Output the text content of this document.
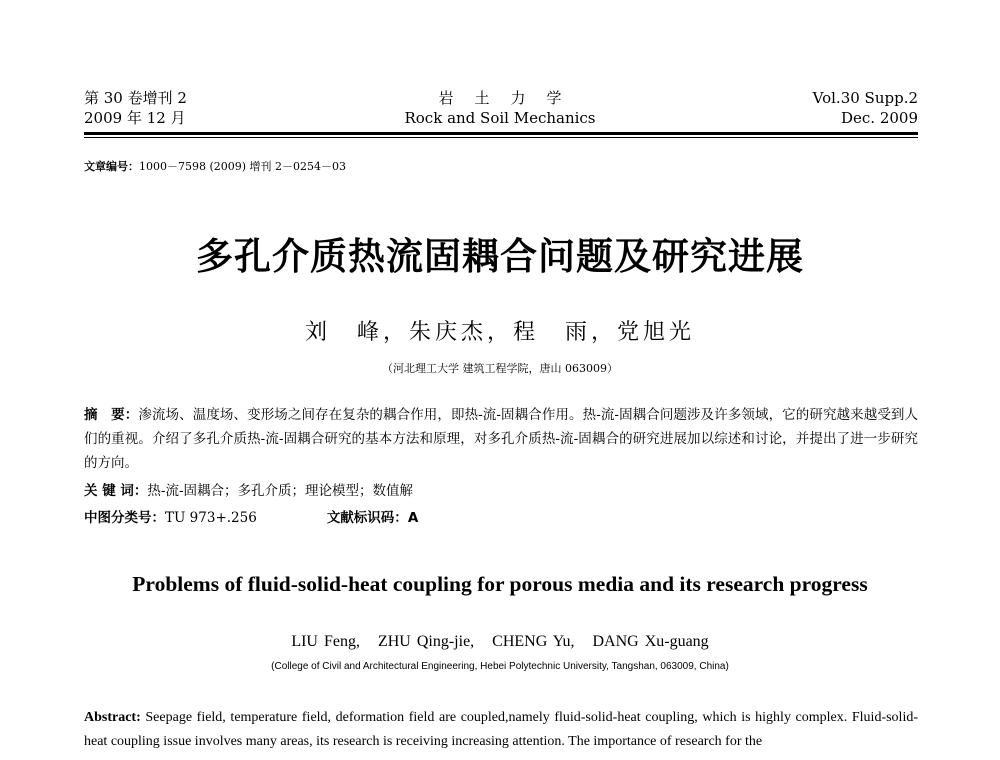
第 30 卷增刊 2
2009 年 12 月
岩土力学
Rock and Soil Mechanics
Vol.30 Supp.2
Dec. 2009
文章编号：1000－7598 (2009) 增刊 2－0254－03
多孔介质热流固耦合问题及研究进展
刘　峰，朱庆杰，程　雨，党旭光
（河北理工大学 建筑工程学院，唐山 063009）
摘　要：渗流场、温度场、变形场之间存在复杂的耦合作用，即热-流-固耦合作用。热-流-固耦合问题涉及许多领域，它的研究越来越受到人们的重视。介绍了多孔介质热-流-固耦合研究的基本方法和原理，对多孔介质热-流-固耦合的研究进展加以综述和讨论，并提出了进一步研究的方向。
关 键 词：热-流-固耦合；多孔介质；理论模型；数值解
中图分类号：TU 973+.256	文献标识码：A
Problems of fluid-solid-heat coupling for porous media and its research progress
LIU Feng,   ZHU Qing-jie,   CHENG Yu,   DANG Xu-guang
(College of Civil and Architectural Engineering, Hebei Polytechnic University, Tangshan, 063009, China)
Abstract: Seepage field, temperature field, deformation field are coupled,namely fluid-solid-heat coupling, which is highly complex. Fluid-solid-heat coupling issue involves many areas, its research is receiving increasing attention. The importance of research for the
